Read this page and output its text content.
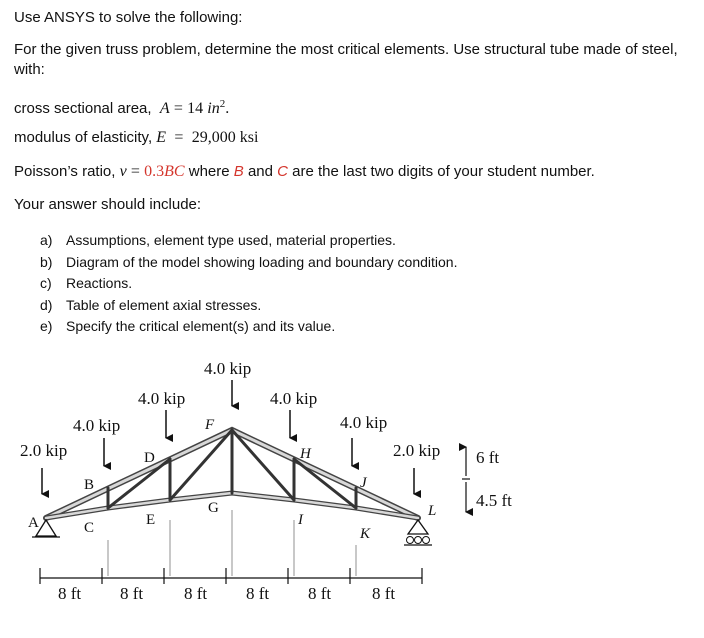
Use ANSYS to solve the following:
For the given truss problem, determine the most critical elements. Use structural tube made of steel, with:
cross sectional area, A = 14 $in^2$.
modulus of elasticity, E = 29,000 ksi
Poisson’s ratio, v = 0.3BC where B and C are the last two digits of your student number.
Your answer should include:
a) Assumptions, element type used, material properties.
b) Diagram of the model showing loading and boundary condition.
c) Reactions.
d) Table of element axial stresses.
e) Specify the critical element(s) and its value.
4.0 kip
4.0 kip	4.0 kip
4.0 kip	4.0 kip
2.0 kip	2.0 kip
A
B
C
D
E
F
G
H
I
J
K
L
6 ft
4.5 ft
8 ft 8 ft 8 ft 8 ft 8 ft 8 ft
